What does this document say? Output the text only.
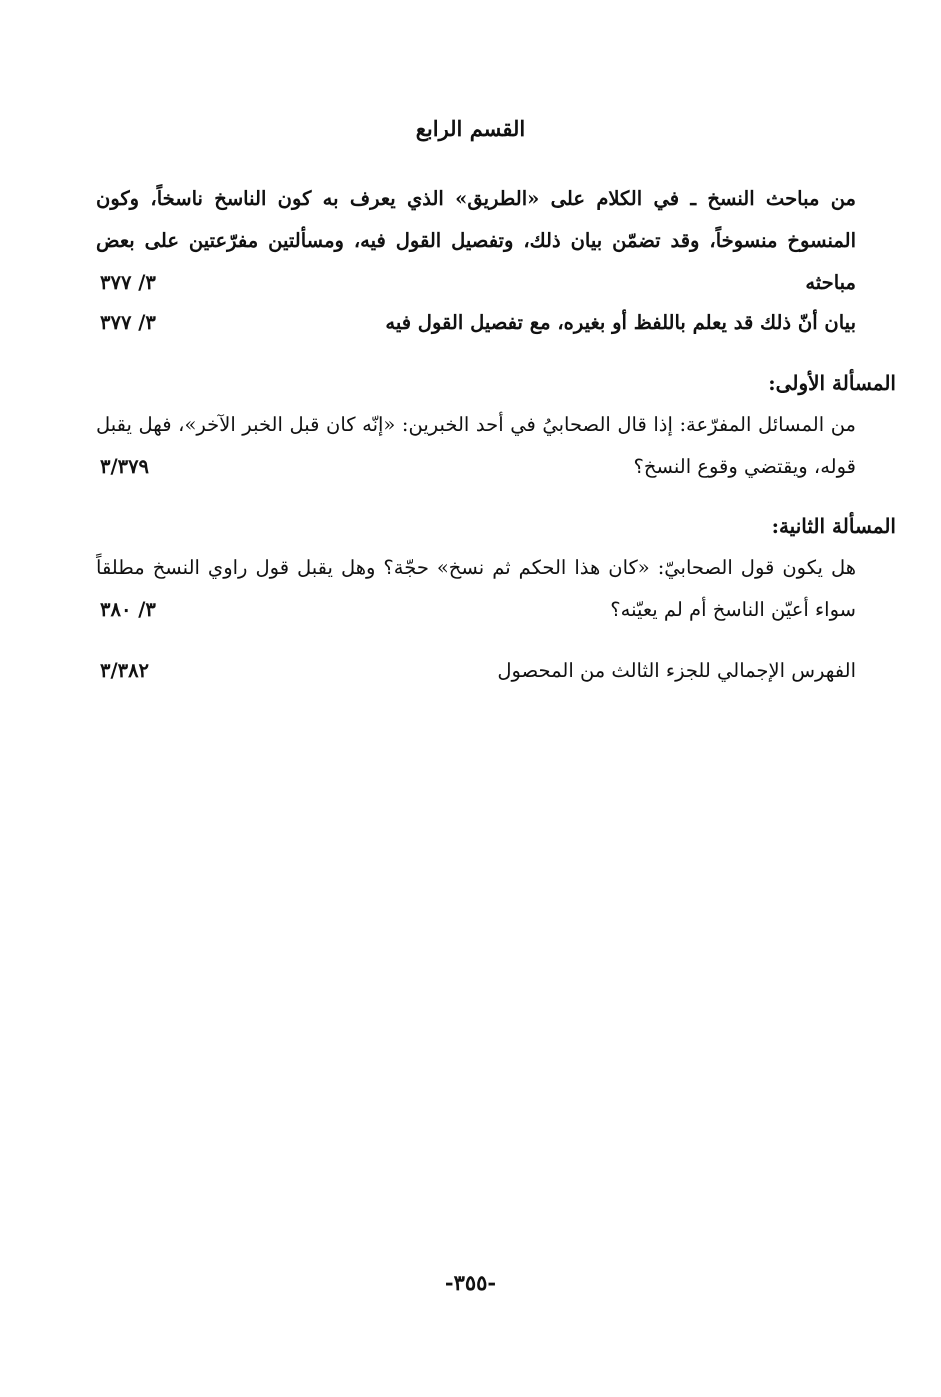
القسم الرابع
من مباحث النسخ ـ في الكلام على «الطريق» الذي يعرف به كون الناسخ ناسخاً، وكون المنسوخ منسوخاً، وقد تضمّن بيان ذلك، وتفصيل القول فيه، ومسألتين مفرّعتين على بعض مباحثه
٣/ ٣٧٧
بيان أنّ ذلك قد يعلم باللفظ أو بغيره، مع تفصيل القول فيه
٣/ ٣٧٧
المسألة الأولى:
من المسائل المفرّعة: إذا قال الصحابيُ في أحد الخبرين: «إنّه كان قبل الخبر الآخر»، فهل يقبل قوله، ويقتضي وقوع النسخ؟
٣/٣٧٩
المسألة الثانية:
هل يكون قول الصحابيّ: «كان هذا الحكم ثم نسخ» حجّة؟ وهل يقبل قول راوي النسخ مطلقاً سواء أعيّن الناسخ أم لم يعيّنه؟
٣/ ٣٨٠
الفهرس الإجمالي للجزء الثالث من المحصول
٣/٣٨٢
-٣٥٥-
